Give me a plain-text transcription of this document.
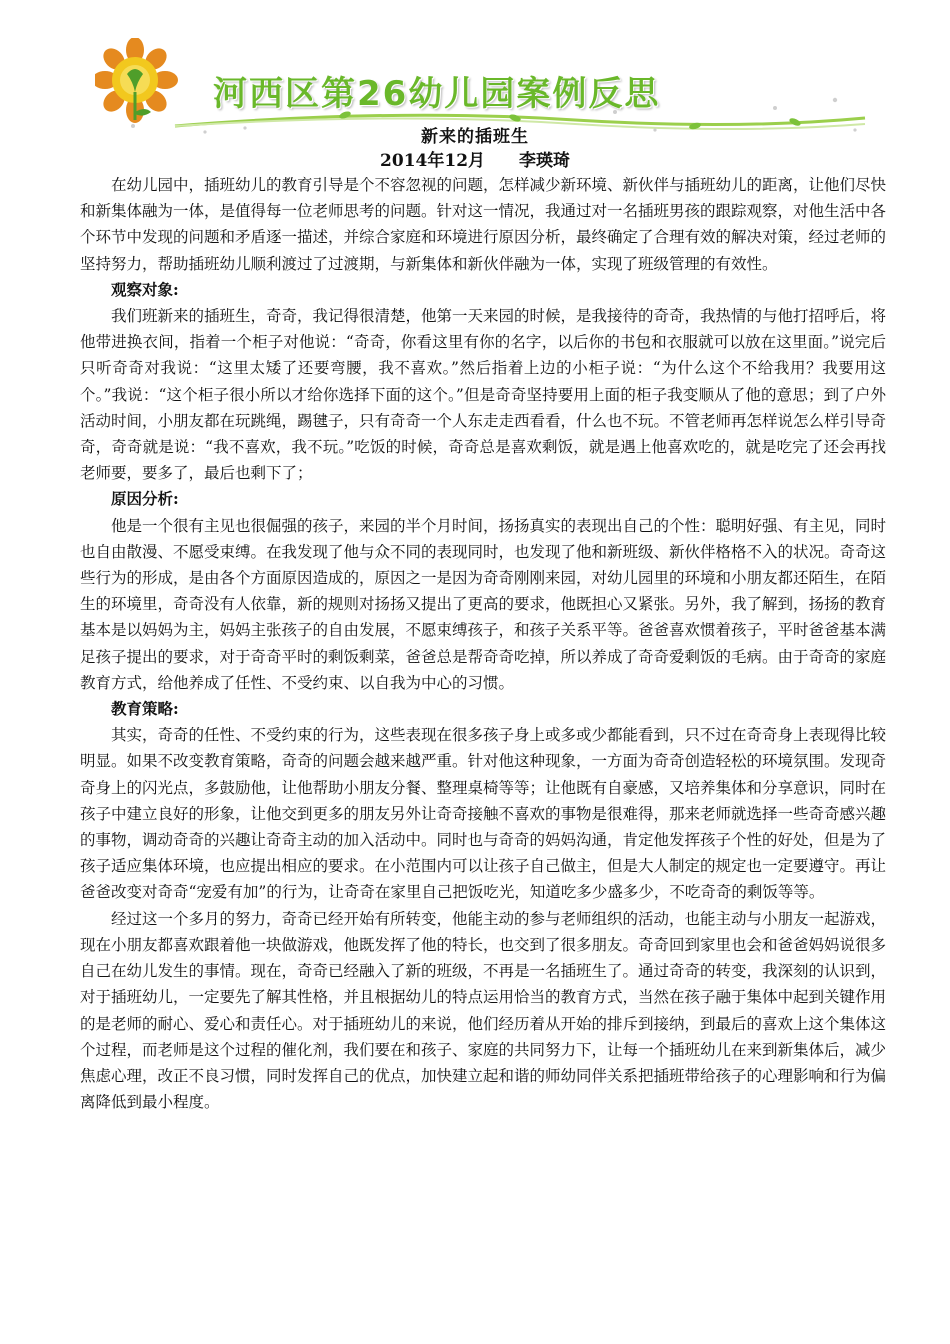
河西区第26幼儿园案例反思
新来的插班生
2014年12月 李瑛琦

在幼儿园中，插班幼儿的教育引导是个不容忽视的问题，怎样减少新环境、新伙伴与插班幼儿的距离，让他们尽快和新集体融为一体，是值得每一位老师思考的问题。针对这一情况，我通过对一名插班男孩的跟踪观察，对他生活中各个环节中发现的问题和矛盾逐一描述，并综合家庭和环境进行原因分析，最终确定了合理有效的解决对策，经过老师的坚持努力，帮助插班幼儿顺利渡过了过渡期，与新集体和新伙伴融为一体，实现了班级管理的有效性。

观察对象:

我们班新来的插班生，奇奇，我记得很清楚，他第一天来园的时候，是我接待的奇奇，我热情的与他打招呼后，将他带进换衣间，指着一个柜子对他说：“奇奇，你看这里有你的名字，以后你的书包和衣服就可以放在这里面。”说完后只听奇奇对我说：“这里太矮了还要弯腰，我不喜欢。”然后指着上边的小柜子说：“为什么这个不给我用？我要用这个。”我说：“这个柜子很小所以才给你选择下面的这个。”但是奇奇坚持要用上面的柜子我变顺从了他的意思；到了户外活动时间，小朋友都在玩跳绳，踢毽子，只有奇奇一个人东走走西看看，什么也不玩。不管老师再怎样说怎么样引导奇奇，奇奇就是说：“我不喜欢，我不玩。”吃饭的时候，奇奇总是喜欢剩饭，就是遇上他喜欢吃的，就是吃完了还会再找老师要，要多了，最后也剩下了；

原因分析:

他是一个很有主见也很倔强的孩子，来园的半个月时间，扬扬真实的表现出自己的个性：聪明好强、有主见，同时也自由散漫、不愿受束缚。在我发现了他与众不同的表现同时，也发现了他和新班级、新伙伴格格不入的状况。奇奇这些行为的形成，是由各个方面原因造成的，原因之一是因为奇奇刚刚来园，对幼儿园里的环境和小朋友都还陌生，在陌生的环境里，奇奇没有人依靠，新的规则对扬扬又提出了更高的要求，他既担心又紧张。另外，我了解到，扬扬的教育基本是以妈妈为主，妈妈主张孩子的自由发展，不愿束缚孩子，和孩子关系平等。爸爸喜欢惯着孩子，平时爸爸基本满足孩子提出的要求，对于奇奇平时的剩饭剩菜，爸爸总是帮奇奇吃掉，所以养成了奇奇爱剩饭的毛病。由于奇奇的家庭教育方式，给他养成了任性、不受约束、以自我为中心的习惯。

教育策略:

其实，奇奇的任性、不受约束的行为，这些表现在很多孩子身上或多或少都能看到，只不过在奇奇身上表现得比较明显。如果不改变教育策略，奇奇的问题会越来越严重。针对他这种现象，一方面为奇奇创造轻松的环境氛围。发现奇奇身上的闪光点，多鼓励他，让他帮助小朋友分餐、整理桌椅等等；让他既有自豪感，又培养集体和分享意识，同时在孩子中建立良好的形象，让他交到更多的朋友另外让奇奇接触不喜欢的事物是很难得，那来老师就选择一些奇奇感兴趣的事物，调动奇奇的兴趣让奇奇主动的加入活动中。同时也与奇奇的妈妈沟通，肯定他发挥孩子个性的好处，但是为了孩子适应集体环境，也应提出相应的要求。在小范围内可以让孩子自己做主，但是大人制定的规定也一定要遵守。再让爸爸改变对奇奇“宠爱有加”的行为，让奇奇在家里自己把饭吃光，知道吃多少盛多少，不吃奇奇的剩饭等等。

经过这一个多月的努力，奇奇已经开始有所转变，他能主动的参与老师组织的活动，也能主动与小朋友一起游戏，现在小朋友都喜欢跟着他一块做游戏，他既发挥了他的特长，也交到了很多朋友。奇奇回到家里也会和爸爸妈妈说很多自己在幼儿发生的事情。现在，奇奇已经融入了新的班级，不再是一名插班生了。通过奇奇的转变，我深刻的认识到，对于插班幼儿，一定要先了解其性格，并且根据幼儿的特点运用恰当的教育方式，当然在孩子融于集体中起到关键作用的是老师的耐心、爱心和责任心。对于插班幼儿的来说，他们经历着从开始的排斥到接纳，到最后的喜欢上这个集体这个过程，而老师是这个过程的催化剂，我们要在和孩子、家庭的共同努力下，让每一个插班幼儿在来到新集体后，减少焦虑心理，改正不良习惯，同时发挥自己的优点，加快建立起和谐的师幼同伴关系把插班带给孩子的心理影响和行为偏离降低到最小程度。
